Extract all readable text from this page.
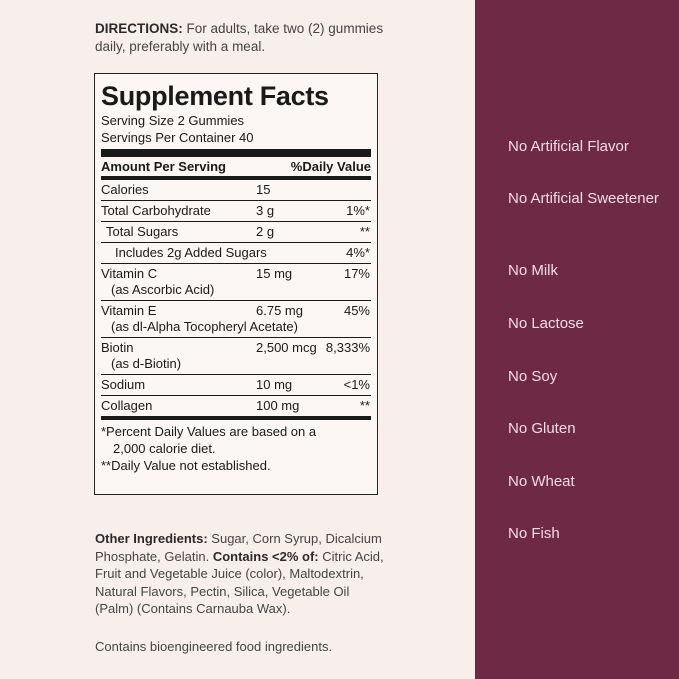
DIRECTIONS: For adults, take two (2) gummies daily, preferably with a meal.
Supplement Facts
Serving Size 2 Gummies
Servings Per Container 40
Amount Per Serving	%Daily Value
Calories	15
Total Carbohydrate	3 g	1%*
Total Sugars	2 g	**
Includes 2g Added Sugars	4%*
Vitamin C	15 mg	17%
(as Ascorbic Acid)
Vitamin E	6.75 mg	45%
(as dl-Alpha Tocopheryl Acetate)
Biotin	2,500 mcg 8,333%
(as d-Biotin)
Sodium	10 mg	<1%
Collagen	100 mg	**
*Percent Daily Values are based on a
2,000 calorie diet.
**Daily Value not established.
Other Ingredients: Sugar, Corn Syrup, Dicalcium Phosphate, Gelatin. Contains <2% of: Citric Acid, Fruit and Vegetable Juice (color), Maltodextrin, Natural Flavors, Pectin, Silica, Vegetable Oil (Palm) (Contains Carnauba Wax).
Contains bioengineered food ingredients.
No Artificial Flavor
No Artificial Sweetener
No Milk
No Lactose
No Soy
No Gluten
No Wheat
No Fish
